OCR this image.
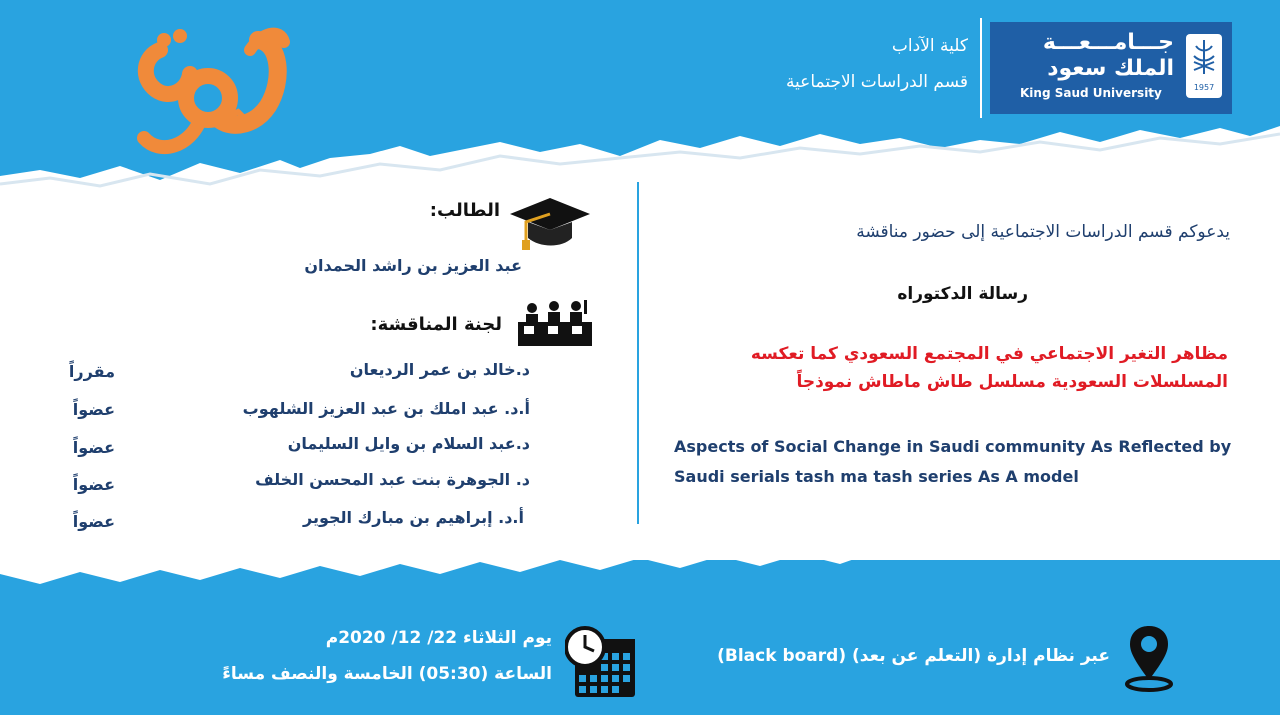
كلية الآداب
قسم الدراسات الاجتماعية
جـــامـــعـــة
الملك سعود
King Saud University	1957
يدعوكم قسم الدراسات الاجتماعية إلى حضور مناقشة
رسالة الدكتوراه
مظاهر التغير الاجتماعي في المجتمع السعودي كما تعكسه المسلسلات السعودية مسلسل طاش ماطاش نموذجاً
Aspects of Social Change in Saudi community As Reflected by Saudi serials tash ma tash series As A model
الطالب:
عبد العزيز بن راشد الحمدان
لجنة المناقشة:
د.خالد بن عمر الرديعان
مقرراً
أ.د. عبد املك بن عبد العزيز الشلهوب
عضواً
د.عبد السلام بن وايل السليمان
عضواً
د. الجوهرة بنت عبد المحسن الخلف
عضواً
أ.د. إبراهيم بن مبارك الجوير
عضواً
يوم الثلاثاء 22/ 12/ 2020م
الساعة (05:30) الخامسة والنصف مساءً
عبر نظام إدارة (التعلم عن بعد) (Black board)
